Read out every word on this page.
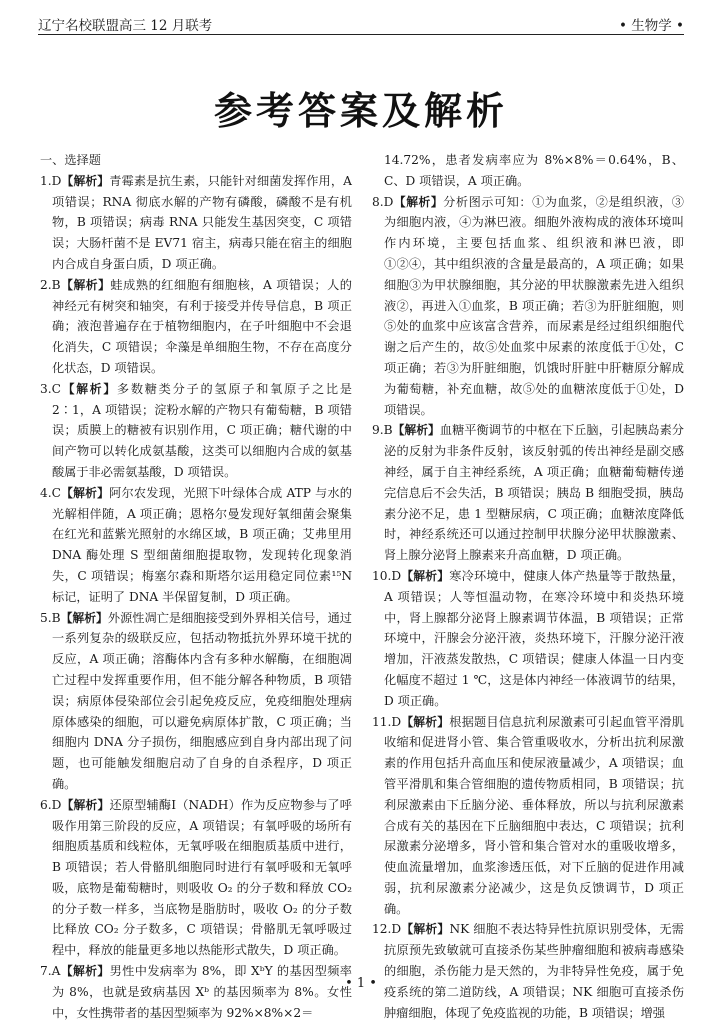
辽宁名校联盟高三 12 月联考	• 生物学 •
参考答案及解析

一、选择题

1.D【解析】青霉素是抗生素，只能针对细菌发挥作用，A 项错误；RNA 彻底水解的产物有磷酸，磷酸不是有机物，B 项错误；病毒 RNA 只能发生基因突变，C 项错误；大肠杆菌不是 EV71 宿主，病毒只能在宿主的细胞内合成自身蛋白质，D 项正确。

2.B【解析】蛙成熟的红细胞有细胞核，A 项错误；人的神经元有树突和轴突，有利于接受并传导信息，B 项正确；液泡普遍存在于植物细胞内，在子叶细胞中不会退化消失，C 项错误；伞藻是单细胞生物，不存在高度分化状态，D 项错误。

3.C【解析】多数糖类分子的氢原子和氧原子之比是 2∶1，A 项错误；淀粉水解的产物只有葡萄糖，B 项错误；质膜上的糖被有识别作用，C 项正确；糖代谢的中间产物可以转化成氨基酸，这类可以细胞内合成的氨基酸属于非必需氨基酸，D 项错误。

4.C【解析】阿尔农发现，光照下叶绿体合成 ATP 与水的光解相伴随，A 项正确；恩格尔曼发现好氧细菌会聚集在红光和蓝紫光照射的水绵区域，B 项正确；艾弗里用 DNA 酶处理 S 型细菌细胞提取物，发现转化现象消失，C 项错误；梅塞尔森和斯塔尔运用稳定同位素¹⁵N 标记，证明了 DNA 半保留复制，D 项正确。

5.B【解析】外源性凋亡是细胞接受到外界相关信号，通过一系列复杂的级联反应，包括动物抵抗外界环境干扰的反应，A 项正确；溶酶体内含有多种水解酶，在细胞凋亡过程中发挥重要作用，但不能分解各种物质，B 项错误；病原体侵染部位会引起免疫反应，免疫细胞处理病原体感染的细胞，可以避免病原体扩散，C 项正确；当细胞内 DNA 分子损伤，细胞感应到自身内部出现了问题，也可能触发细胞启动了自身的自杀程序，D 项正确。

6.D【解析】还原型辅酶Ⅰ（NADH）作为反应物参与了呼吸作用第三阶段的反应，A 项错误；有氧呼吸的场所有细胞质基质和线粒体，无氧呼吸在细胞质基质中进行，B 项错误；若人骨骼肌细胞同时进行有氧呼吸和无氧呼吸，底物是葡萄糖时，则吸收 O₂ 的分子数和释放 CO₂ 的分子数一样多，当底物是脂肪时，吸收 O₂ 的分子数比释放 CO₂ 分子数多，C 项错误；骨骼肌无氧呼吸过程中，释放的能量更多地以热能形式散失，D 项正确。

7.A【解析】男性中发病率为 8%，即 XᵇY 的基因型频率为 8%，也就是致病基因 Xᵇ 的基因频率为 8%。女性中，女性携带者的基因型频率为 92%×8%×2＝

14.72%，患者发病率应为 8%×8%＝0.64%，B、C、D 项错误，A 项正确。

8.D【解析】分析图示可知：①为血浆，②是组织液，③为细胞内液，④为淋巴液。细胞外液构成的液体环境叫作内环境，主要包括血浆、组织液和淋巴液，即①②④，其中组织液的含量是最高的，A 项正确；如果细胞③为甲状腺细胞，其分泌的甲状腺激素先进入组织液②，再进入①血浆，B 项正确；若③为肝脏细胞，则⑤处的血浆中应该富含营养，而尿素是经过组织细胞代谢之后产生的，故⑤处血浆中尿素的浓度低于①处，C 项正确；若③为肝脏细胞，饥饿时肝脏中肝糖原分解成为葡萄糖，补充血糖，故⑤处的血糖浓度低于①处，D 项错误。

9.B【解析】血糖平衡调节的中枢在下丘脑，引起胰岛素分泌的反射为非条件反射，该反射弧的传出神经是副交感神经，属于自主神经系统，A 项正确；血糖葡萄糖传递完信息后不会失活，B 项错误；胰岛 B 细胞受损，胰岛素分泌不足，患 1 型糖尿病，C 项正确；血糖浓度降低时，神经系统还可以通过控制甲状腺分泌甲状腺激素、肾上腺分泌肾上腺素来升高血糖，D 项正确。

10.D【解析】寒冷环境中，健康人体产热量等于散热量，A 项错误；人等恒温动物，在寒冷环境中和炎热环境中，肾上腺都分泌肾上腺素调节体温，B 项错误；正常环境中，汗腺会分泌汗液，炎热环境下，汗腺分泌汗液增加，汗液蒸发散热，C 项错误；健康人体温一日内变化幅度不超过 1 ℃，这是体内神经一体液调节的结果，D 项正确。

11.D【解析】根据题目信息抗利尿激素可引起血管平滑肌收缩和促进肾小管、集合管重吸收水，分析出抗利尿激素的作用包括升高血压和使尿液量减少，A 项错误；血管平滑肌和集合管细胞的遗传物质相同，B 项错误；抗利尿激素由下丘脑分泌、垂体释放，所以与抗利尿激素合成有关的基因在下丘脑细胞中表达，C 项错误；抗利尿激素分泌增多，肾小管和集合管对水的重吸收增多，使血流量增加，血浆渗透压低，对下丘脑的促进作用减弱，抗利尿激素分泌减少，这是负反馈调节，D 项正确。

12.D【解析】NK 细胞不表达特异性抗原识别受体，无需抗原预先致敏就可直接杀伤某些肿瘤细胞和被病毒感染的细胞，杀伤能力是天然的，为非特异性免疫，属于免疫系统的第二道防线，A 项错误；NK 细胞可直接杀伤肿瘤细胞，体现了免疫监视的功能，B 项错误；增强

• 1 •
